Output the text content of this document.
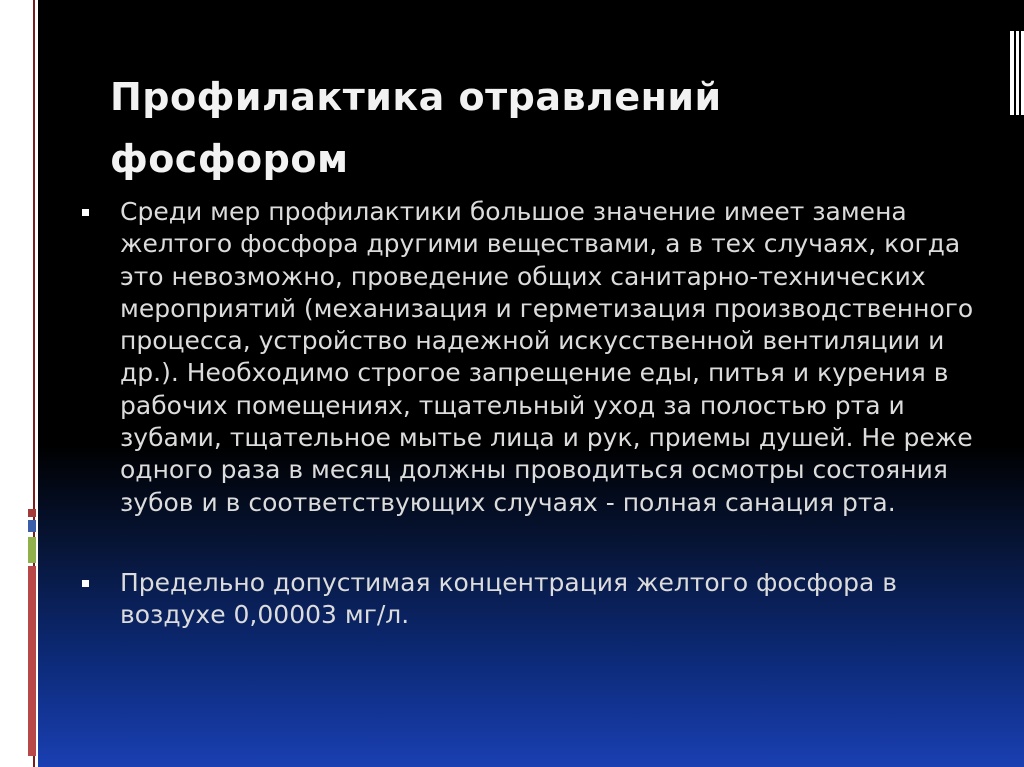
Профилактика отравлений фосфором
Среди мер профилактики большое значение имеет замена желтого фосфора другими веществами, а в тех случаях, когда это невозможно, проведение общих санитарно-технических мероприятий (механизация и герметизация производственного процесса, устройство надежной искусственной вентиляции и др.). Необходимо строгое запрещение еды, питья и курения в рабочих помещениях, тщательный уход за полостью рта и зубами, тщательное мытье лица и рук, приемы душей. Не реже одного раза в месяц должны проводиться осмотры состояния зубов и в соответствующих случаях - полная санация рта.
Предельно допустимая концентрация желтого фосфора в воздухе 0,00003 мг/л.
